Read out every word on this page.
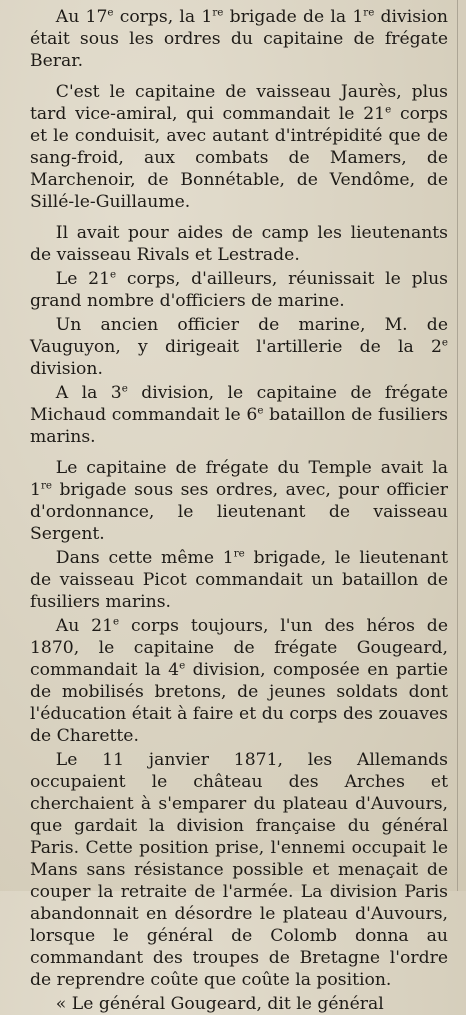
Au 17e corps, la 1re brigade de la 1re division était sous les ordres du capitaine de frégate Berar.

C'est le capitaine de vaisseau Jaurès, plus tard vice-amiral, qui commandait le 21e corps et le conduisit, avec autant d'intrépidité que de sang-froid, aux combats de Mamers, de Marchenoir, de Bonnétable, de Vendôme, de Sillé-le-Guillaume.

Il avait pour aides de camp les lieutenants de vaisseau Rivals et Lestrade.

Le 21e corps, d'ailleurs, réunissait le plus grand nombre d'officiers de marine.

Un ancien officier de marine, M. de Vauguyon, y dirigeait l'artillerie de la 2e division.

A la 3e division, le capitaine de frégate Michaud commandait le 6e bataillon de fusiliers marins.

Le capitaine de frégate du Temple avait la 1re brigade sous ses ordres, avec, pour officier d'ordonnance, le lieutenant de vaisseau Sergent.

Dans cette même 1re brigade, le lieutenant de vaisseau Picot commandait un bataillon de fusiliers marins.

Au 21e corps toujours, l'un des héros de 1870, le capitaine de frégate Gougeard, commandait la 4e division, composée en partie de mobilisés bretons, de jeunes soldats dont l'éducation était à faire et du corps des zouaves de Charette.

Le 11 janvier 1871, les Allemands occupaient le château des Arches et cherchaient à s'emparer du plateau d'Auvours, que gardait la division française du général Paris. Cette position prise, l'ennemi occupait le Mans sans résistance possible et menaçait de couper la retraite de l'armée. La division Paris abandonnait en désordre le plateau d'Auvours, lorsque le général de Colomb donna au commandant des troupes de Bretagne l'ordre de reprendre coûte que coûte la position.

« Le général Gougeard, dit le général
